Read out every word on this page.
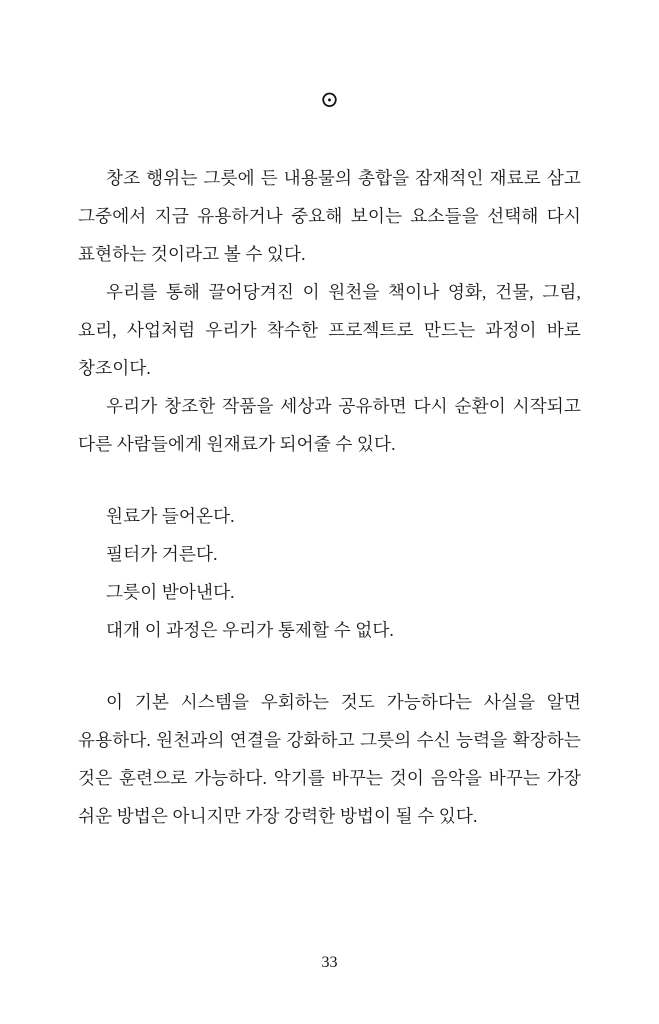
⊙

창조 행위는 그릇에 든 내용물의 총합을 잠재적인 재료로 삼고 그중에서 지금 유용하거나 중요해 보이는 요소들을 선택해 다시 표현하는 것이라고 볼 수 있다.

우리를 통해 끌어당겨진 이 원천을 책이나 영화, 건물, 그림, 요리, 사업처럼 우리가 착수한 프로젝트로 만드는 과정이 바로 창조이다.

우리가 창조한 작품을 세상과 공유하면 다시 순환이 시작되고 다른 사람들에게 원재료가 되어줄 수 있다.

원료가 들어온다.

필터가 거른다.

그릇이 받아낸다.

대개 이 과정은 우리가 통제할 수 없다.

이 기본 시스템을 우회하는 것도 가능하다는 사실을 알면 유용하다. 원천과의 연결을 강화하고 그릇의 수신 능력을 확장하는 것은 훈련으로 가능하다. 악기를 바꾸는 것이 음악을 바꾸는 가장 쉬운 방법은 아니지만 가장 강력한 방법이 될 수 있다.

33
